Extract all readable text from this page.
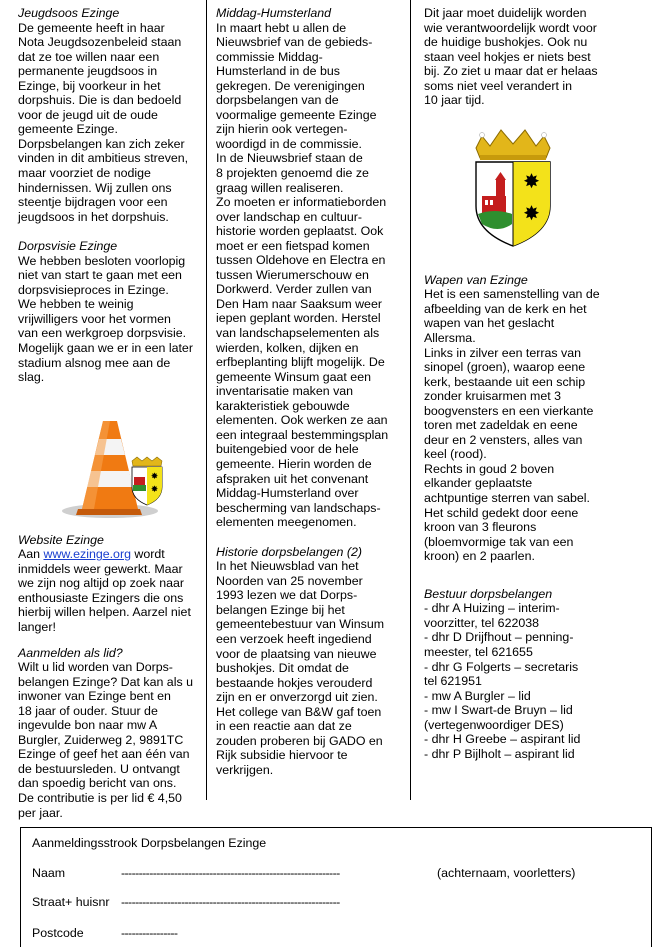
Jeugdsoos Ezinge
De gemeente heeft in haar
Nota Jeugdsozenbeleid staan
dat ze toe willen naar een
permanente jeugdsoos in
Ezinge, bij voorkeur in het
dorpshuis. Die is dan bedoeld
voor de jeugd uit de oude
gemeente Ezinge.
Dorpsbelangen kan zich zeker
vinden in dit ambitieus streven,
maar voorziet de nodige
hindernissen. Wij zullen ons
steentje bijdragen voor een
jeugdsoos in het dorpshuis.
Dorpsvisie Ezinge
We hebben besloten voorlopig
niet van start te gaan met een
dorpsvisieproces in Ezinge.
We hebben te weinig
vrijwilligers voor het vormen
van een werkgroep dorpsvisie.
Mogelijk gaan we er in een later
stadium alsnog mee aan de
slag.
✸
✸
Website Ezinge
Aan www.ezinge.org wordt
inmiddels weer gewerkt. Maar
we zijn nog altijd op zoek naar
enthousiaste Ezingers die ons
hierbij willen helpen. Aarzel niet
langer!
Aanmelden als lid?
Wilt u lid worden van Dorps-
belangen Ezinge? Dat kan als u
inwoner van Ezinge bent en
18 jaar of ouder. Stuur de
ingevulde bon naar mw A
Burgler, Zuiderweg 2, 9891TC
Ezinge of geef het aan één van
de bestuursleden. U ontvangt
dan spoedig bericht van ons.
De contributie is per lid € 4,50
per jaar.
Middag-Humsterland
In maart hebt u allen de
Nieuwsbrief van de gebieds-
commissie Middag-
Humsterland in de bus
gekregen. De verenigingen
dorpsbelangen van de
voormalige gemeente Ezinge
zijn hierin ook vertegen-
woordigd in de commissie.
In de Nieuwsbrief staan de
8 projekten genoemd die ze
graag willen realiseren.
Zo moeten er informatieborden
over landschap en cultuur-
historie worden geplaatst. Ook
moet er een fietspad komen
tussen Oldehove en Electra en
tussen Wierumerschouw en
Dorkwerd. Verder zullen van
Den Ham naar Saaksum weer
iepen geplant worden. Herstel
van landschapselementen als
wierden, kolken, dijken en
erfbeplanting blijft mogelijk. De
gemeente Winsum gaat een
inventarisatie maken van
karakteristiek gebouwde
elementen. Ook werken ze aan
een integraal bestemmingsplan
buitengebied voor de hele
gemeente. Hierin worden de
afspraken uit het convenant
Middag-Humsterland over
bescherming van landschaps-
elementen meegenomen.
Historie dorpsbelangen (2)
In het Nieuwsblad van het
Noorden van 25 november
1993 lezen we dat Dorps-
belangen Ezinge bij het
gemeentebestuur van Winsum
een verzoek heeft ingediend
voor de plaatsing van nieuwe
bushokjes. Dit omdat de
bestaande hokjes verouderd
zijn en er onverzorgd uit zien.
Het college van B&W gaf toen
in een reactie aan dat ze
zouden proberen bij GADO en
Rijk subsidie hiervoor te
verkrijgen.
Dit jaar moet duidelijk worden
wie verantwoordelijk wordt voor
de huidige bushokjes. Ook nu
staan veel hokjes er niets best
bij. Zo ziet u maar dat er helaas
soms niet veel verandert in
10 jaar tijd.
✸
✸
Wapen van Ezinge
Het is een samenstelling van de
afbeelding van de kerk en het
wapen van het geslacht
Allersma.
Links in zilver een terras van
sinopel (groen), waarop eene
kerk, bestaande uit een schip
zonder kruisarmen met 3
boogvensters en een vierkante
toren met zadeldak en eene
deur en 2 vensters, alles van
keel (rood).
Rechts in goud 2 boven
elkander geplaatste
achtpuntige sterren van sabel.
Het schild gedekt door eene
kroon van 3 fleurons
(bloemvormige tak van een
kroon) en 2 paarlen.
Bestuur dorpsbelangen
- dhr A Huizing – interim-
voorzitter, tel 622038
- dhr D Drijfhout – penning-
meester, tel 621655
- dhr G Folgerts – secretaris
tel 621951
- mw A Burgler – lid
- mw I Swart-de Bruyn – lid
(vertegenwoordiger DES)
- dhr H Greebe – aspirant lid
- dhr P Bijlholt – aspirant lid
Aanmeldingsstrook Dorpsbelangen Ezinge
Naam	--------------------------------------------------------------	(achternaam, voorletters)
Straat+ huisnr --------------------------------------------------------------
Postcode	----------------
